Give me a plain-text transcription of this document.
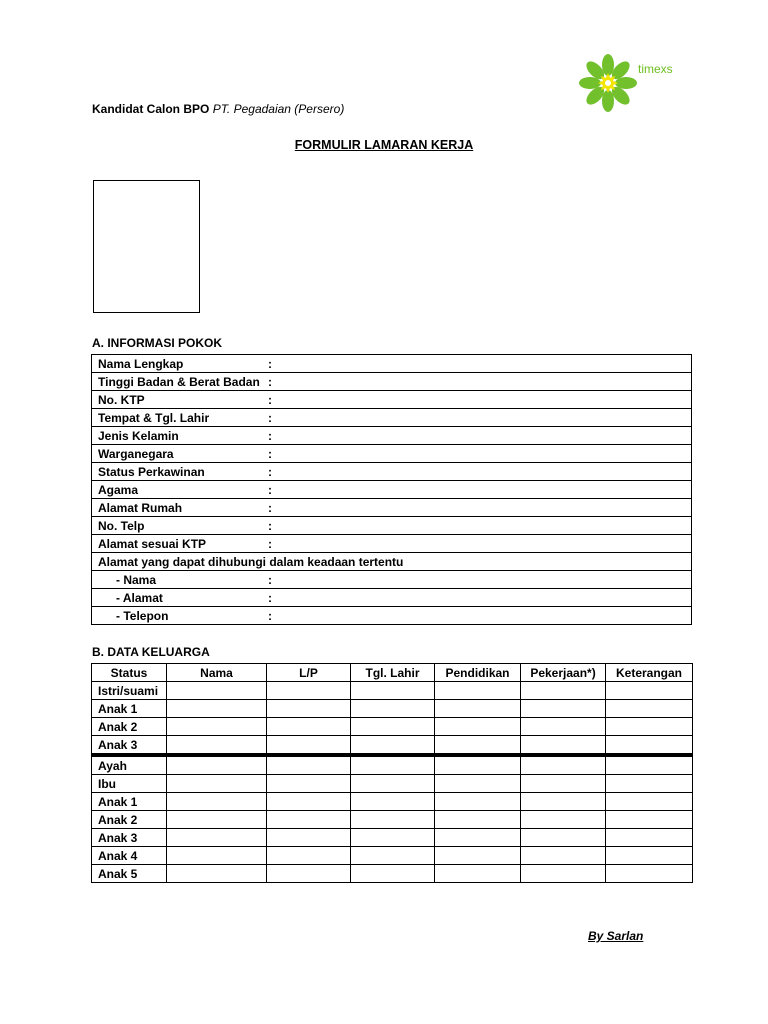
timexs
Kandidat Calon BPO PT. Pegadaian (Persero)
FORMULIR LAMARAN KERJA
A. INFORMASI POKOK
Nama Lengkap	:
Tinggi Badan & Berat Badan :
No. KTP	:
Tempat & Tgl. Lahir	:
Jenis Kelamin	:
Warganegara	:
Status Perkawinan	:
Agama	:
Alamat Rumah	:
No. Telp	:
Alamat sesuai KTP	:
Alamat yang dapat dihubungi dalam keadaan tertentu
- Nama	:
- Alamat	:
- Telepon	:
B. DATA KELUARGA
Status	Nama	L/P	Tgl. Lahir	Pendidikan	Pekerjaan*)	Keterangan
Istri/suami						
Anak 1						
Anak 2						
Anak 3						
Ayah						
Ibu						
Anak 1						
Anak 2						
Anak 3						
Anak 4						
Anak 5						
By Sarlan
